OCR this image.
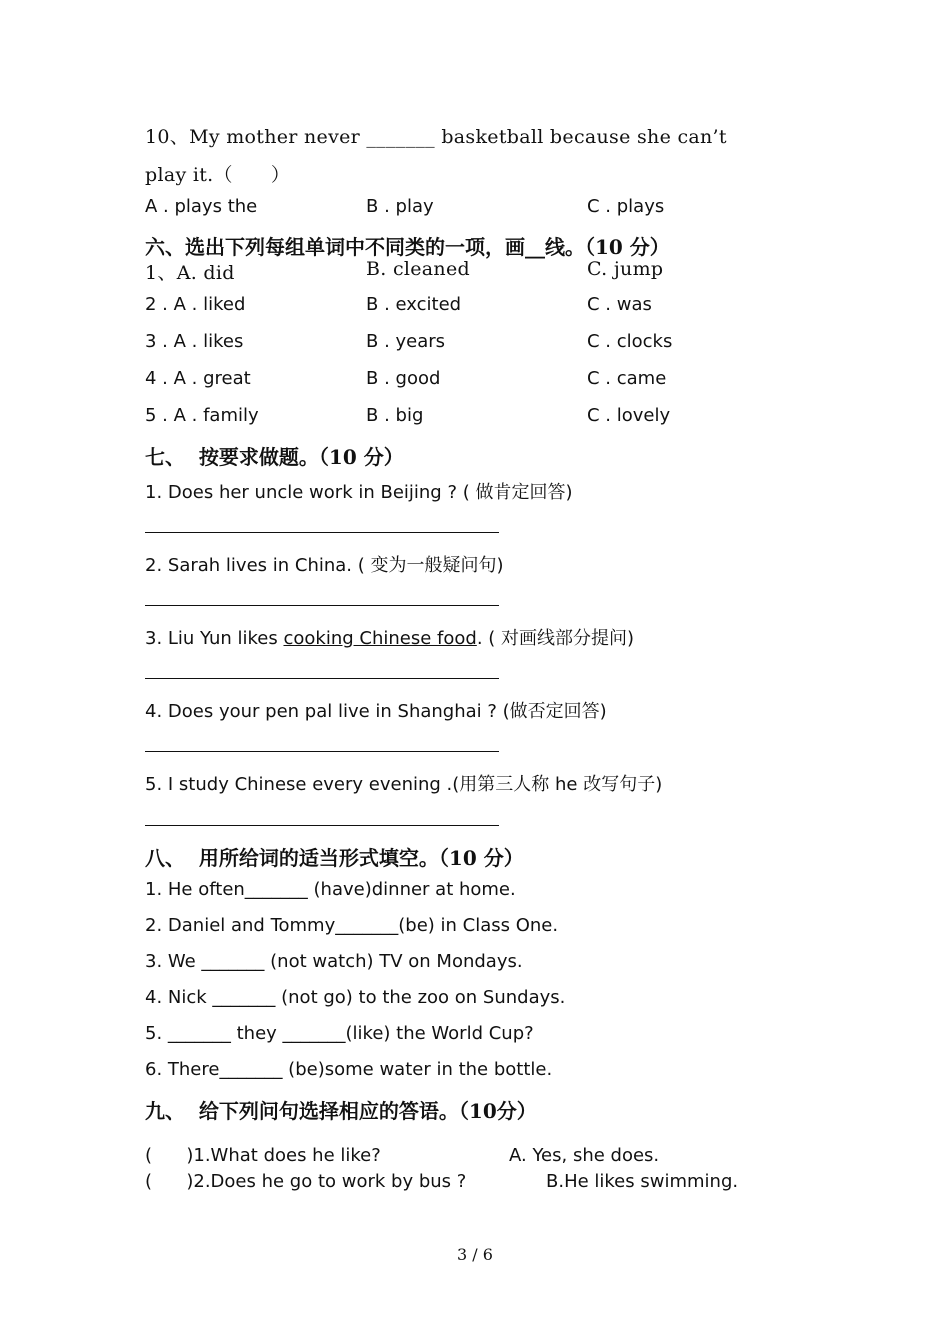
10、My mother never _______ basketball because she can’t
play it.（      ）
A . plays the	B . play	C . plays
六、选出下列每组单词中不同类的一项，画__线。（10 分）
1、A. did	B. cleaned	C. jump
2 . A . liked	B . excited	C . was
3 . A . likes	B . years	C . clocks
4 . A . great	B . good	C . came
5 . A . family	B . big	C . lovely
七、  按要求做题。（10 分）
1. Does her uncle work in Beijing ? ( 做肯定回答)
2. Sarah lives in China. ( 变为一般疑问句)
3. Liu Yun likes cooking Chinese food. ( 对画线部分提问)
4. Does your pen pal live in Shanghai ? (做否定回答)
5. I study Chinese every evening .(用第三人称 he 改写句子)
八、  用所给词的适当形式填空。（10 分）
1. He often_______ (have)dinner at home.
2. Daniel and Tommy_______(be) in Class One.
3. We _______ (not watch) TV on Mondays.
4. Nick _______ (not go) to the zoo on Sundays.
5. _______ they _______(like) the World Cup?
6. There_______ (be)some water in the bottle.
九、  给下列问句选择相应的答语。（10分）
(      )1.What does he like?	A. Yes, she does.
(      )2.Does he go to work by bus ?	B.He likes swimming.
3 / 6
